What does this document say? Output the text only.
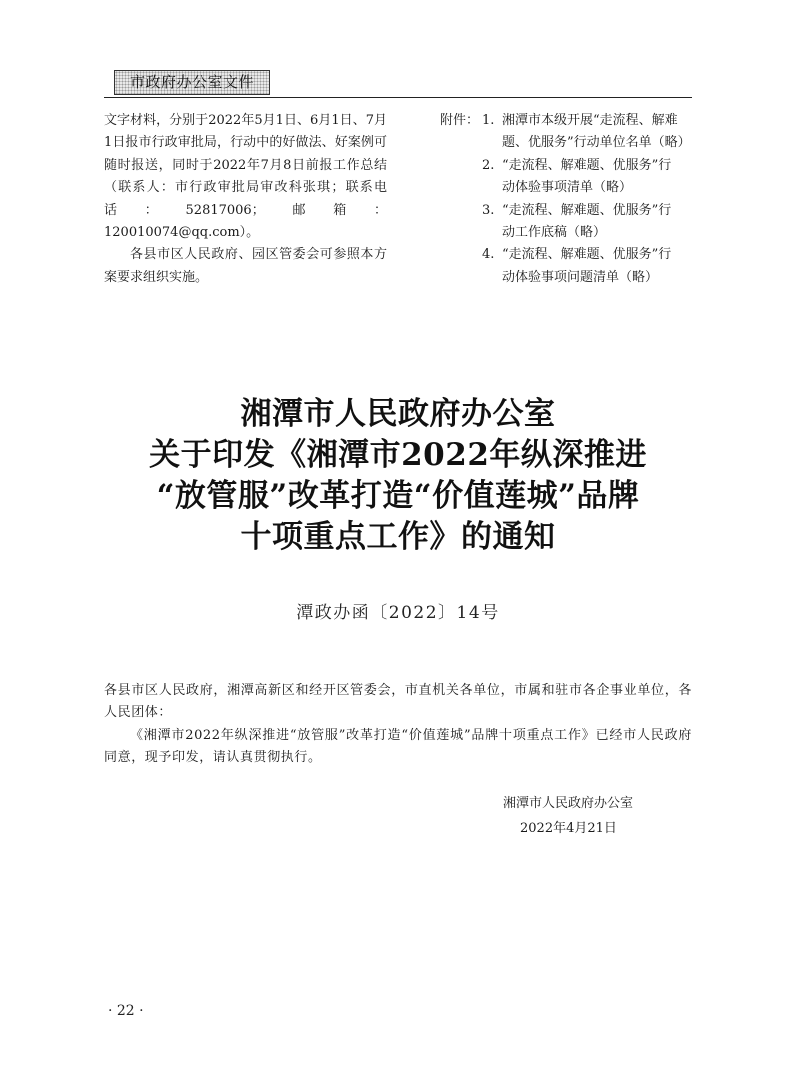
市政府办公室文件

文字材料，分别于2022年5月1日、6月1日、7月1日报市行政审批局，行动中的好做法、好案例可随时报送，同时于2022年7月8日前报工作总结（联系人：市行政审批局审改科张琪；联系电话：52817006；邮箱：120010074@qq.com）。

各县市区人民政府、园区管委会可参照本方案要求组织实施。

附件： 1. 湘潭市本级开展“走流程、解难
题、优服务”行动单位名单（略）
2. “走流程、解难题、优服务”行
动体验事项清单（略）
3. “走流程、解难题、优服务”行
动工作底稿（略）
4. “走流程、解难题、优服务”行
动体验事项问题清单（略）
湘潭市人民政府办公室
关于印发《湘潭市2022年纵深推进
“放管服”改革打造“价值莲城”品牌
十项重点工作》的通知
潭政办函〔2022〕14号

各县市区人民政府，湘潭高新区和经开区管委会，市直机关各单位，市属和驻市各企事业单位，各人民团体：

《湘潭市2022年纵深推进“放管服”改革打造“价值莲城”品牌十项重点工作》已经市人民政府同意，现予印发，请认真贯彻执行。

湘潭市人民政府办公室
2022年4月21日
· 22 ·
